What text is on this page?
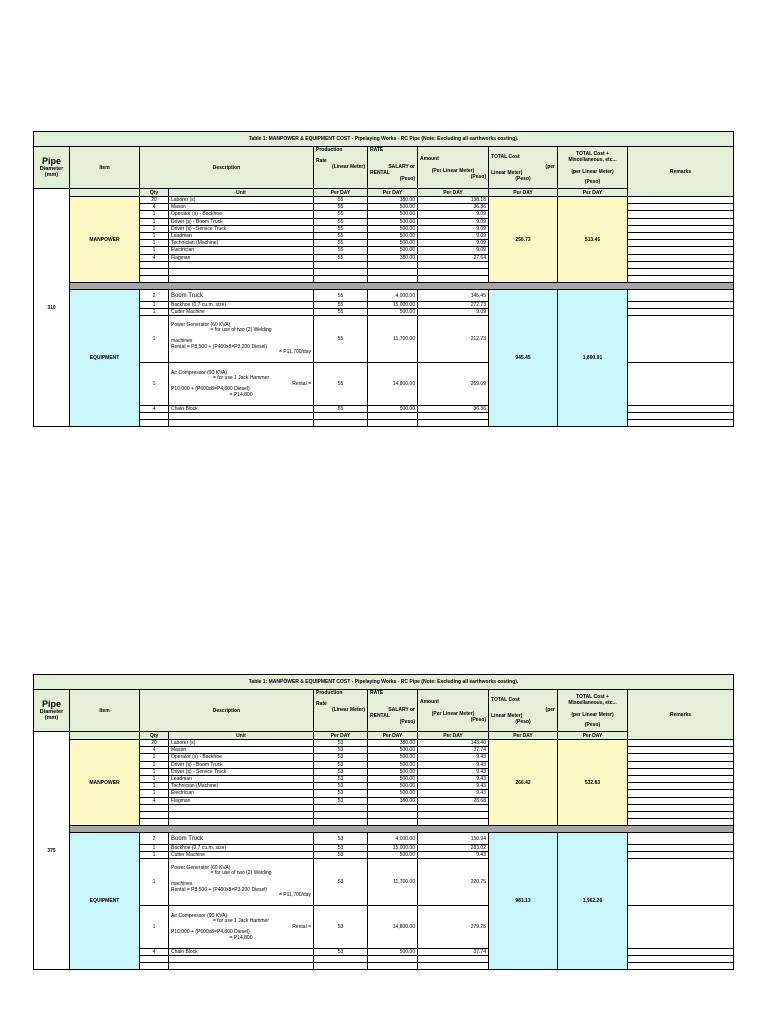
Table 1: MANPOWER & EQUIPMENT COST - Pipelaying Works - RC Pipe (Note: Excluding all earthworks costing).									

Pipe
Diameter (mm)	Item	Description		Production
Rate
(Linear Meter)	RATE
SALARY or
RENTAL
(Peso)	Amount
(Per Linear Meter)
(Peso)	TOTAL Cost
(per
Linear Meter)
(Peso)	TOTAL Cost +
Miscellaneous, etc...
(per Linear Meter)
(Peso)	Remarks
310		Qty	Unit	Per DAY	Per DAY	Per DAY	Per DAY	Per DAY	
	MANPOWER	20	Laborer (s)	55	380.00	138.18	256.73	513.45	
		4	Mason	55	500.00	36.36			
		1	Operator (s) - Backhoe	55	500.00	9.09			
		1	Driver (s) - Boom Truck	55	500.00	9.09			
		1	Driver (s) - Service Truck	55	500.00	9.09			
		1	Leadman	55	500.00	9.09			
		1	Technician (Machine)	55	500.00	9.09			
		1	Electrician	55	500.00	9.09			
		4	Flagman	55	380.00	27.64			

	EQUIPMENT	2	Boom Truck	55	4,000.00	145.45	945.45	1,890.91	
		1	Backhoe (0.7 cu.m. size)	55	15,000.00	272.73			
		1	Cutter Machine	55	500.00	9.09			
		1	Power Generator (60 KVA)
= for use of two (2) Welding
machines
Rental = P8,500 + (P400x8=P3,200 Diesel)
= P11,700/day	55	11,700.00	212.73			
		1	Air Compressor (90 KVA)
= for use 1 Jack Hammer
Rental =
P10,000 + (P600x8=P4,800 Diesel)
= P14,800	55	14,800.00	269.09			
		4	Chain Block	55	500.00	36.36			

Table 1: MANPOWER & EQUIPMENT COST - Pipelaying Works - RC Pipe (Note: Excluding all earthworks costing).									

Pipe
Diameter (mm)	Item	Description		Production
Rate
(Linear Meter)	RATE
SALARY or
RENTAL
(Peso)	Amount
(Per Linear Meter)
(Peso)	TOTAL Cost
(per
Linear Meter)
(Peso)	TOTAL Cost +
Miscellaneous, etc...
(per Linear Meter)
(Peso)	Remarks
375		Qty	Unit	Per DAY	Per DAY	Per DAY	Per DAY	Per DAY	
	MANPOWER	20	Laborer (s)	53	380.00	143.40	266.42	532.83	
		4	Mason	53	500.00	37.74			
		1	Operator (s) - Backhoe	53	500.00	9.43			
		1	Driver (s) - Boom Truck	53	500.00	9.43			
		1	Driver (s) - Service Truck	53	500.00	9.43			
		1	Leadman	53	500.00	9.43			
		1	Technician (Machine)	53	500.00	9.43			
		1	Electrician	53	500.00	9.43			
		4	Flagman	53	380.00	28.68			

	EQUIPMENT	2	Boom Truck	53	4,000.00	150.94	981.13	1,962.26	
		1	Backhoe (0.7 cu.m. size)	53	15,000.00	283.02			
		1	Cutter Machine	53	500.00	9.43			
		1	Power Generator (60 KVA)
= for use of two (2) Welding
machines
Rental = P8,500 + (P400x8=P3,200 Diesel)
= P11,700/day	53	11,700.00	220.75			
		1	Air Compressor (90 KVA)
= for use 1 Jack Hammer
Rental =
P10,000 + (P600x8=P4,800 Diesel)
= P14,800	53	14,800.00	279.25			
		4	Chain Block	53	500.00	37.74			
